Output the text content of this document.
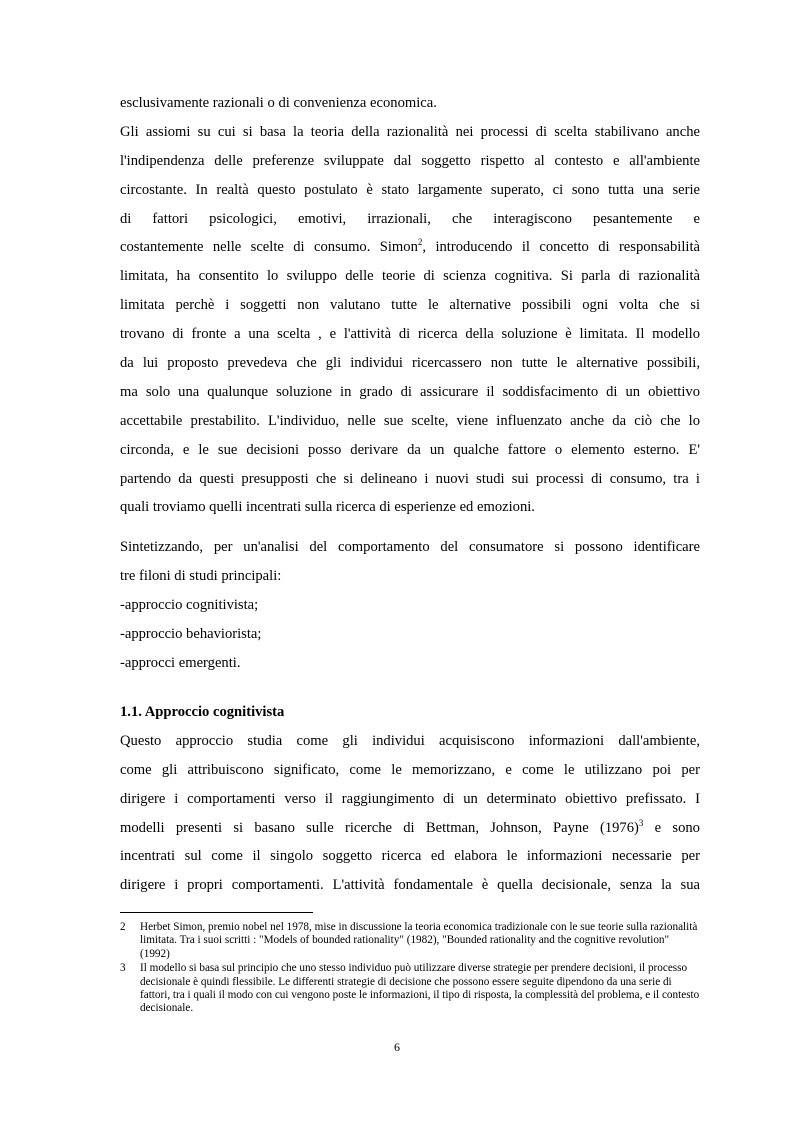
esclusivamente razionali o di convenienza economica.
Gli assiomi su cui si basa la teoria della razionalità nei processi di scelta stabilivano anche
l'indipendenza delle preferenze sviluppate dal soggetto rispetto al contesto e all'ambiente
circostante. In realtà questo postulato è stato largamente superato, ci sono tutta una serie
di fattori psicologici, emotivi, irrazionali, che interagiscono pesantemente e
costantemente nelle scelte di consumo. Simon$^2$, introducendo il concetto di responsabilità
limitata, ha consentito lo sviluppo delle teorie di scienza cognitiva. Si parla di razionalità
limitata perchè i soggetti non valutano tutte le alternative possibili ogni volta che si
trovano di fronte a una scelta , e l'attività di ricerca della soluzione è limitata. Il modello
da lui proposto prevedeva che gli individui ricercassero non tutte le alternative possibili,
ma solo una qualunque soluzione in grado di assicurare il soddisfacimento di un obiettivo
accettabile prestabilito. L'individuo, nelle sue scelte, viene influenzato anche da ciò che lo
circonda, e le sue decisioni posso derivare da un qualche fattore o elemento esterno. E'
partendo da questi presupposti che si delineano i nuovi studi sui processi di consumo, tra i
quali troviamo quelli incentrati sulla ricerca di esperienze ed emozioni.
Sintetizzando, per un'analisi del comportamento del consumatore si possono identificare
tre filoni di studi principali:
-approccio cognitivista;
-approccio behaviorista;
-approcci emergenti.
1.1. Approccio cognitivista
Questo approccio studia come gli individui acquisiscono informazioni dall'ambiente,
come gli attribuiscono significato, come le memorizzano, e come le utilizzano poi per
dirigere i comportamenti verso il raggiungimento di un determinato obiettivo prefissato. I
modelli presenti si basano sulle ricerche di Bettman, Johnson, Payne $(1976)^3$ e sono
incentrati sul come il singolo soggetto ricerca ed elabora le informazioni necessarie per
dirigere i propri comportamenti. L'attività fondamentale è quella decisionale, senza la sua
2 Herbet Simon, premio nobel nel 1978, mise in discussione la teoria economica tradizionale con le sue teorie sulla razionalità limitata. Tra i suoi scritti : "Models of bounded rationality" (1982), "Bounded rationality and the cognitive revolution" (1992)
3 Il modello si basa sul principio che uno stesso individuo può utilizzare diverse strategie per prendere decisioni, il processo decisionale è quindi flessibile. Le differenti strategie di decisione che possono essere seguite dipendono da una serie di fattori, tra i quali il modo con cui vengono poste le informazioni, il tipo di risposta, la complessità del problema, e il contesto decisionale.
6
